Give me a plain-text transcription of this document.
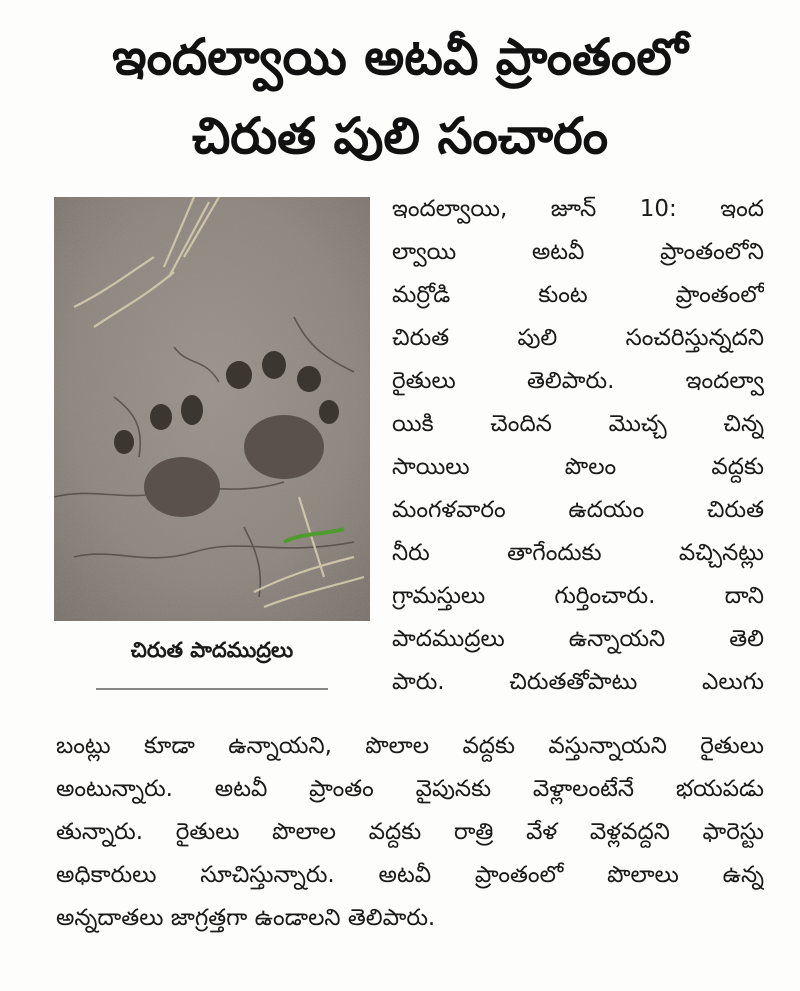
ఇందల్వాయి అటవీ ప్రాంతంలో
చిరుత పులి సంచారం
చిరుత పాదముద్రలు
ఇందల్వాయి, జూన్ 10: ఇంద
ల్వాయి అటవీ ప్రాంతంలోని
మర్రోడి కుంట ప్రాంతంలో
చిరుత పులి సంచరిస్తున్నదని
రైతులు తెలిపారు. ఇందల్వా
యికి చెందిన మొచ్చ చిన్న
సాయిలు పొలం వద్దకు
మంగళవారం ఉదయం చిరుత
నీరు తాగేందుకు వచ్చినట్లు
గ్రామస్తులు గుర్తించారు. దాని
పాదముద్రలు ఉన్నాయని తెలి
పారు. చిరుతతోపాటు ఎలుగు
బంట్లు కూడా ఉన్నాయని, పొలాల వద్దకు వస్తున్నాయని రైతులు
అంటున్నారు. అటవీ ప్రాంతం వైపునకు వెళ్లాలంటేనే భయపడు
తున్నారు. రైతులు పొలాల వద్దకు రాత్రి వేళ వెళ్లవద్దని ఫారెస్టు
అధికారులు సూచిస్తున్నారు. అటవీ ప్రాంతంలో పొలాలు ఉన్న
అన్నదాతలు జాగ్రత్తగా ఉండాలని తెలిపారు.
